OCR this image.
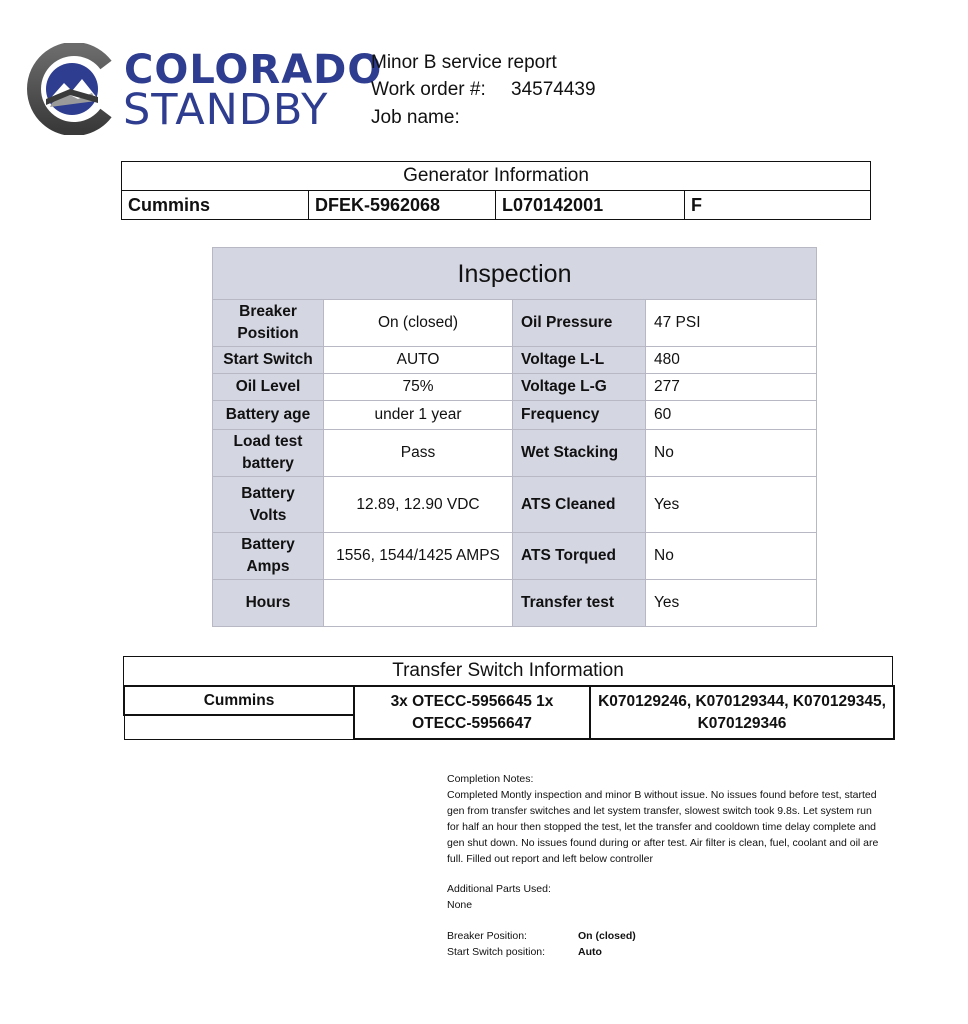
COLORADO
STANDBY
Minor B service report
Work order #: 34574439
Job name:
Generator Information
Cummins	DFEK-5962068	L070142001	F
Inspection			
Breaker Position	On (closed)	Oil Pressure	47 PSI
Start Switch	AUTO	Voltage L-L	480
Oil Level	75%	Voltage L-G	277
Battery age	under 1 year	Frequency	60
Load test battery	Pass	Wet Stacking	No
Battery Volts	12.89, 12.90 VDC	ATS Cleaned	Yes
Battery Amps	1556, 1544/1425 AMPS	ATS Torqued	No
Hours		Transfer test	Yes
Transfer Switch Information
Cummins	3x OTECC-5956645 1x OTECC-5956647	K070129246, K070129344, K070129345, K070129346

Completion Notes:
Completed Montly inspection and minor B without issue. No issues found before test, started gen from transfer switches and let system transfer, slowest switch took 9.8s. Let system run for half an hour then stopped the test, let the transfer and cooldown time delay complete and gen shut down. No issues found during or after test. Air filter is clean, fuel, coolant and oil are full. Filled out report and left below controller
Additional Parts Used:
None
Breaker Position:	On (closed)
Start Switch position:	Auto
